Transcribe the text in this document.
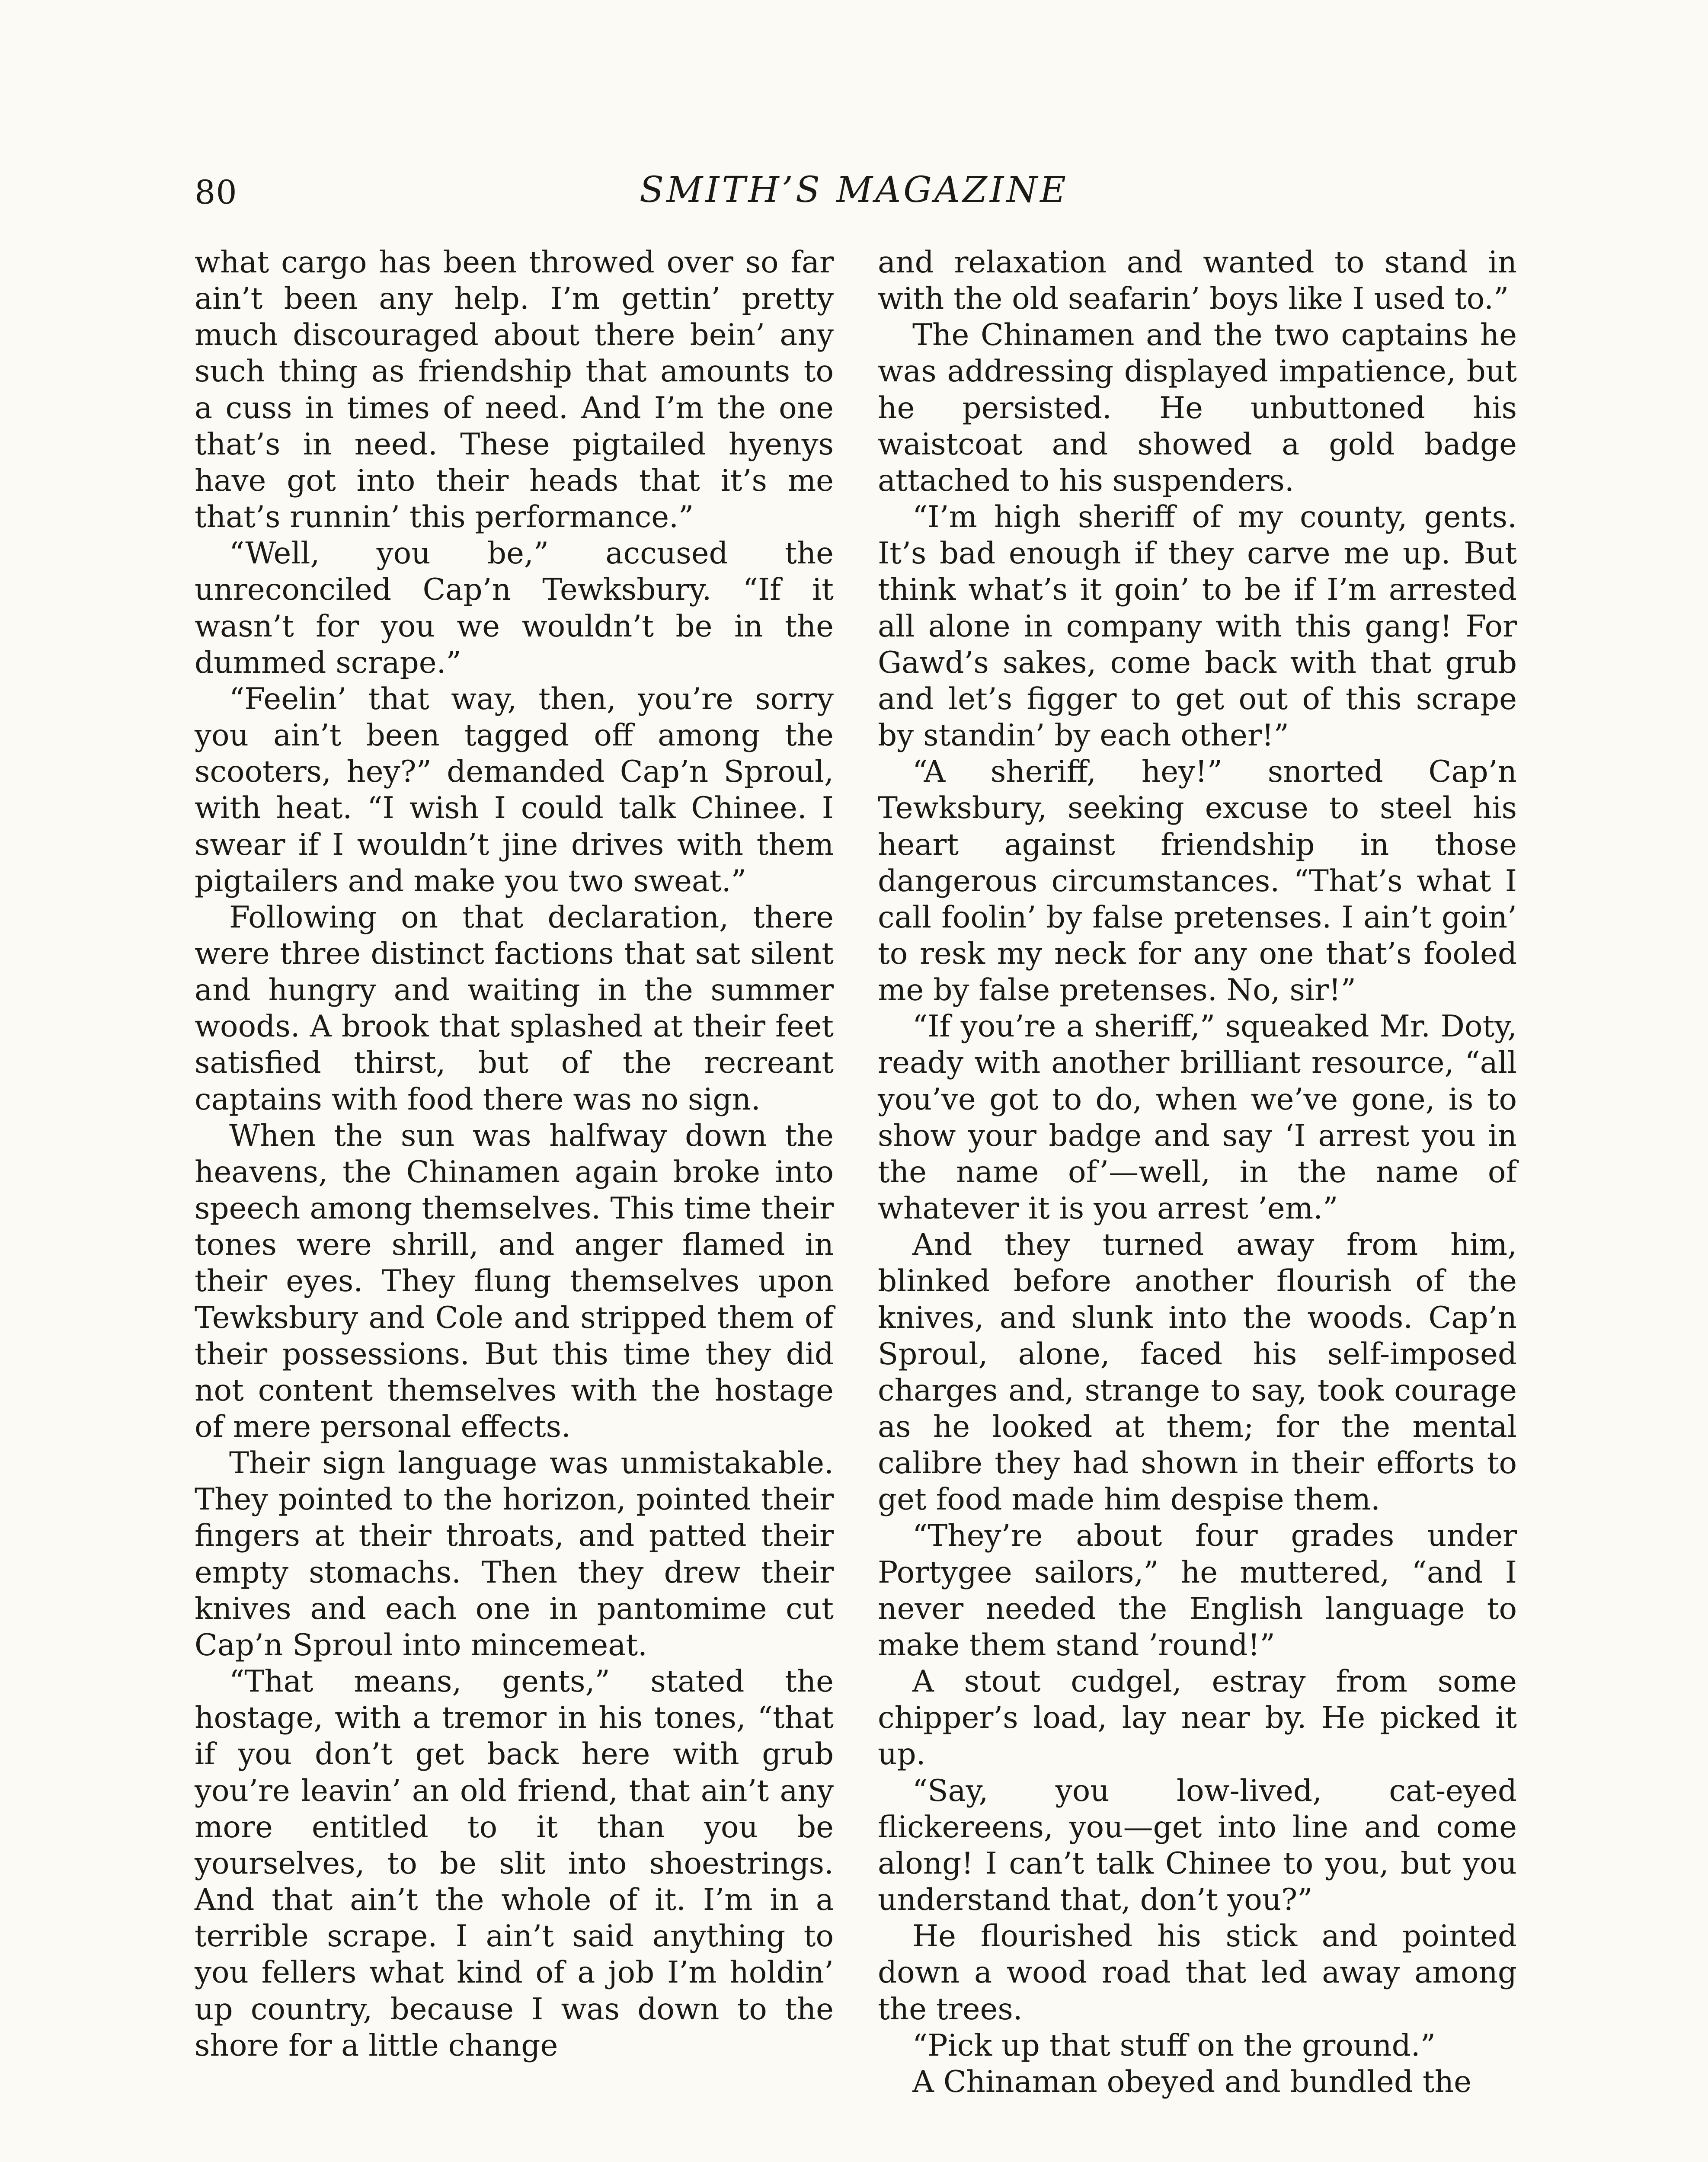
80	SMITH’S MAGAZINE

what cargo has been throwed over so far ain’t been any help. I’m gettin’ pretty much discouraged about there bein’ any such thing as friendship that amounts to a cuss in times of need. And I’m the one that’s in need. These pigtailed hyenys have got into their heads that it’s me that’s runnin’ this performance.”

“Well, you be,” accused the unreconciled Cap’n Tewksbury. “If it wasn’t for you we wouldn’t be in the dummed scrape.”

“Feelin’ that way, then, you’re sorry you ain’t been tagged off among the scooters, hey?” demanded Cap’n Sproul, with heat. “I wish I could talk Chinee. I swear if I wouldn’t jine drives with them pigtailers and make you two sweat.”

Following on that declaration, there were three distinct factions that sat silent and hungry and waiting in the summer woods. A brook that splashed at their feet satisfied thirst, but of the recreant captains with food there was no sign.

When the sun was halfway down the heavens, the Chinamen again broke into speech among themselves. This time their tones were shrill, and anger flamed in their eyes. They flung themselves upon Tewksbury and Cole and stripped them of their possessions. But this time they did not content themselves with the hostage of mere personal effects.

Their sign language was unmistakable. They pointed to the horizon, pointed their fingers at their throats, and patted their empty stomachs. Then they drew their knives and each one in pantomime cut Cap’n Sproul into mincemeat.

“That means, gents,” stated the hostage, with a tremor in his tones, “that if you don’t get back here with grub you’re leavin’ an old friend, that ain’t any more entitled to it than you be yourselves, to be slit into shoestrings. And that ain’t the whole of it. I’m in a terrible scrape. I ain’t said anything to you fellers what kind of a job I’m holdin’ up country, because I was down to the shore for a little change

and relaxation and wanted to stand in with the old seafarin’ boys like I used to.”

The Chinamen and the two captains he was addressing displayed impatience, but he persisted. He unbuttoned his waistcoat and showed a gold badge attached to his suspenders.

“I’m high sheriff of my county, gents. It’s bad enough if they carve me up. But think what’s it goin’ to be if I’m arrested all alone in company with this gang! For Gawd’s sakes, come back with that grub and let’s figger to get out of this scrape by standin’ by each other!”

“A sheriff, hey!” snorted Cap’n Tewksbury, seeking excuse to steel his heart against friendship in those dangerous circumstances. “That’s what I call foolin’ by false pretenses. I ain’t goin’ to resk my neck for any one that’s fooled me by false pretenses. No, sir!”

“If you’re a sheriff,” squeaked Mr. Doty, ready with another brilliant resource, “all you’ve got to do, when we’ve gone, is to show your badge and say ‘I arrest you in the name of’—well, in the name of whatever it is you arrest ’em.”

And they turned away from him, blinked before another flourish of the knives, and slunk into the woods. Cap’n Sproul, alone, faced his self-imposed charges and, strange to say, took courage as he looked at them; for the mental calibre they had shown in their efforts to get food made him despise them.

“They’re about four grades under Portygee sailors,” he muttered, “and I never needed the English language to make them stand ’round!”

A stout cudgel, estray from some chipper’s load, lay near by. He picked it up.

“Say, you low-lived, cat-eyed flickereens, you—get into line and come along! I can’t talk Chinee to you, but you understand that, don’t you?”

He flourished his stick and pointed down a wood road that led away among the trees.

“Pick up that stuff on the ground.”

A Chinaman obeyed and bundled the
